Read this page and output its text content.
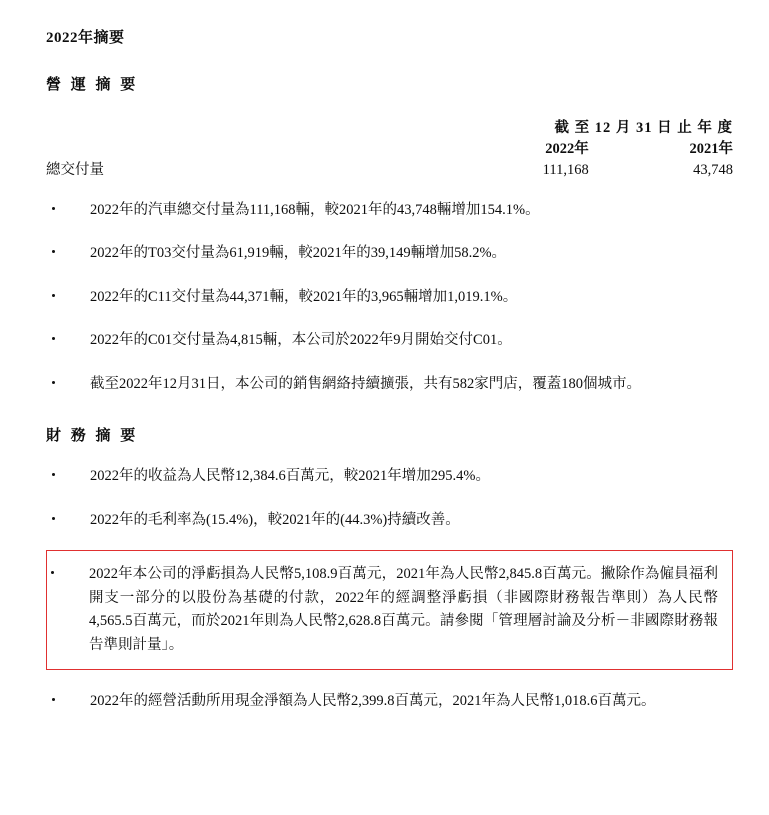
2022年摘要
營 運 摘 要
	截 至 12 月 31 日 止 年 度	
	2022年	2021年
總交付量	111,168	43,748
2022年的汽車總交付量為111,168輛，較2021年的43,748輛增加154.1%。
2022年的T03交付量為61,919輛，較2021年的39,149輛增加58.2%。
2022年的C11交付量為44,371輛，較2021年的3,965輛增加1,019.1%。
2022年的C01交付量為4,815輛，本公司於2022年9月開始交付C01。
截至2022年12月31日，本公司的銷售網絡持續擴張，共有582家門店，覆蓋180個城市。
財 務 摘 要
2022年的收益為人民幣12,384.6百萬元，較2021年增加295.4%。
2022年的毛利率為(15.4%)，較2021年的(44.3%)持續改善。
2022年本公司的淨虧損為人民幣5,108.9百萬元，2021年為人民幣2,845.8百萬元。撇除作為僱員福利開支一部分的以股份為基礎的付款，2022年的經調整淨虧損（非國際財務報告準則）為人民幣4,565.5百萬元，而於2021年則為人民幣2,628.8百萬元。請參閱「管理層討論及分析－非國際財務報告準則計量」。
2022年的經營活動所用現金淨額為人民幣2,399.8百萬元，2021年為人民幣1,018.6百萬元。
